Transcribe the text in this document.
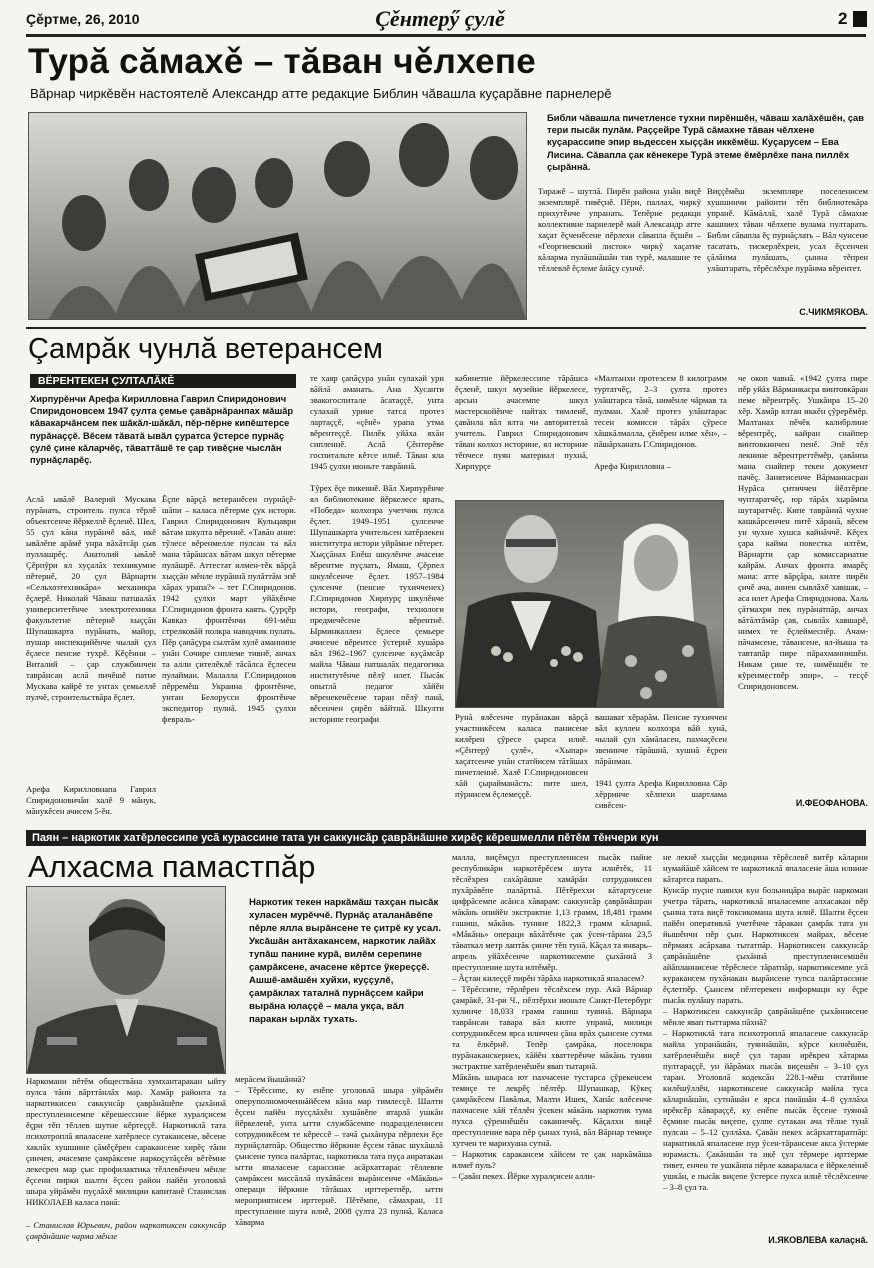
Çěртме, 26, 2010	Çěнтерӳ çулě	2
Турă сăмахě – тăван чěлхепе
Вăрнар чиркěвěн настоятелě Александр атте редакцие Библин чăвашла куçарăвне парнелерě
Библи чăвашла пичетленсе тухни пирěншěн, чăваш халăхěшěн, çав тери пысăк пулăм. Раççейре Турă сăмахне тăван чěлхене куçарассипе эпир вьдессен хыççăн иккěмěш. Куçарусем – Ева Лисина. Сăвапла çак кěнекере Турă этеме ěмěрлěхе пана пиллěх çырăннă.
Тиражě – шутлă. Пирěн района унăн виçě экземплярě тивěçнě. Пěри, паллах, чиркỹ прихутěнче упранать. Тепěрне редакци коллективне парнелерě май Александр атте хаçат ěçченěсене пěрлехи сăвапла ěçшěн – «Георгиевский листок» чиркỹ хаçатне кăларма пулăшнăшăн тав турě, малашне те тěллевлě ěçлеме ăнăçу сунчě.
Виççěмěш экземпляре поселенисем хушшинчи районти тěп библиотекăра упранě. Кăмăллă, халě Турă сăмахне кашниех тăван чěлхепе вулама пултарать. Библи сăвапла ěç пурнăçлать – Вăл чунсене тасатать, тискерлěхрен, усал ěçсенчен çăлăнма пулăшать, çынна тěпрен улăштарать, тěрěслěхре пурăнма вěрентет.
С.ЧИКМЯКОВА.
Çамрăк чунлă ветерансем
ВЁРЕНТЕКЕН ÇУЛТАЛĂКĚ
Хирпурěнчи Арефа Кирилловна Гаврил Спиридонович Спиридоновсем 1947 çулта çемье çавăрнăранпах мăшăр кăвакарчăнсем пек шăкăл-шăкăл, пěр-пěрне кипěштерсе пурăнаççě. Вěсем тăватă ывăл çуратса ỹстерсе пурнăç çулě çине кăларчěç, тăваттăшě те çар тивěçне чыслăн пурнăçларěç.
Аслă ывăлě Валерий Мускава пурăнать, строитель пулса тěрлě объектсенче йěркеллě ěçленě. Шел, 55 çул кăна пурăнчě вăл, икě ывăлěпе арăмě унра вăхăтсăр çыв пуллашрěç. Анатолий ывăлě Çěрпỹри ял хуçалăх техникумне пěтернě, 20 çул Вăрнарти «Сельхозтехникăра» механикра ěçлерě. Николай Чăваш патшалăх университетěнче электротехника факультетне пěтернě хыççăн Шупашкарта пурăнать, майор, пушар инспекцийěнче чылай çул ěçлесе пенсие тухрě. Кěçěнни – Виталий – çар службинчен таврăнсан аслă пичěшě патне Мускава кайрě те унтах çемьеллě пулчě, строительствăра ěçлет.
Арефа Кирилловнапа Гаврил Спиридоновичăн халě 9 мăнук, мăнукěсен ачисем 5-ěн.
Ěçпе вăрçă ветеранěсен пурнăçě-шăпи – каласа пěтерме çук истори. Гаврил Спиридонович Кульцаври вăтам шкулта вěреннě. «Тавăн анне: тỹлесе вěренмелле пулсан та вăл мана тăрăшсах вăтам шкул пěтерме пулăшрě. Аттестат илмен-тěк вăрçă хыççăн мěнле пурăннă пулăттăм эпě хăрах урапа?» – тет Г.Спиридонов. 1942 çулхи март уйăхěнче Г.Спиридонов фронта каять. Çурçěр Кавказ фронтěнчи 691-мěш стрелковăй полкра наводчик пулать. Пěр çапăçура сылтăм хулě аманнипе унăн Сочире сиплеме тивнě, анчах та алли çителěклě тăсăлса ěçлесен пулайман. Малалла Г.Спиридонов пěрремěш Украина фронтěнче, унтан Белорусси фронтěнче экспедитор пулнă. 1945 çулхи февраль-
те хаяр çапăçура унăн сулахай ури вăйлă аманать. Ана Хусанти эвакогоспитале ăсатаççě, унта сулахай урине татса протез лартаççě, «çěнě» урапа утма вěрентеççě. Пилěк уйăха яхăн сипленнě. Аслă Çěнтерěве госпитальте кěтсе илнě. Тăван яла 1945 çулхи июньте таврăннă.

Тỹрех ěçе пикеннě. Вăл Хирпурěнче ял библиотекине йěркелесе ярать, «Победа» колхозра учетчик пулса ěçлет. 1949–1951 çулсенче Шупашкарта учительсен хатěрлекен институтра истори уйрăмне пěтерет. Хыççăнах Енěш шкулěнче ачасене вěрентме пуçлать, Ямаш, Çěрпел шкулěсенче ěçлет. 1957–1984 çулсенче (пенсие тухичченех) Г.Спиридонов Хирпурç шкулěнче истори, географи, технологи предмечěсене вěрентнě. Ырминкаллен ěçлесе çемьере ачисене вěрентсе ỹстернě хушăра вăл 1962–1967 çулсенче куçăмсăр майла Чăваш патшалăх педагогика институтěнче пěлỹ илет. Пысăк опытлă педагог хăйěн вěренекенěсене таран пěлỹ панă, вěсенчен çирěп вăйтнă. Шкулти историпе географи
кабинетне йěркелессипе тăрăшса ěçленě, шкул музейне йěркелесе, арсын ачасемпе шкул мастерскойěнче пайтах тимленě, çавăнла вăл ялта чи авторитетлă учитель. Гаврил Спиридонович тăван колхоз историне, ял историне тěпчесе пуян материал пухнă, Хирпурçе
«Малтанхи протезсем 8 килограмм туртатчěç, 2–3 çулта протез улăштарса тăнă, нимěнле чăрмав та пулман. Халě протез улăштарас тесен комисси тăрăх çỹресе хăшкăлмалла, çěнěрен илме хěн», – пăшăрханать Г.Спиридонов.

Арефа Кирилловна –
че окоп чавнă. «1942 çулта пире пěр уйăх Вăрманкасра винтовкăран пеме вěрентрěç. Ушкăнра 15–20 хěр. Хамăр ялтан иккěн çỹрерěмěр. Малтанах пěчěк калибрлине вěрентрěç, кайран снайпер винтовкинчен пенě. Эпě тěл лекнине вěрентреттěмěр, çавăнпа мана снайпер текен документ пачěç. Занятисенче Вăрманкасран Нурăса çитиччен йěлтěрпе чуптаратчěç, юр тăрăх хырăмпа шутаратчěç. Кипе таврăннă чухне кашкăрсенчен питě хăранă, вěсем ун чухне хушса кайнăччě. Кěçех çара кайма повестка илтěм, Вăрнарти çар комиссариатне кайрăм. Анчах фронта ямарěç мана: атте вăрçăра, килте пирěн çичě ача, аннен сывлăхě хавшак, – аса илет Арефа Спиридонова. Халь çăтмахри пек пурăнатпăр, анчах вăтăлтăмăр çав, сывлăх хавшарě, нимех те ěçлеймеспěр. Ачам-пăчамсене, тăвансене, ял-йыша та тавтапăр пире пăрахманнишěн. Никам çине те, нимěншěн те кỹренместпěр эпир», – тесçě Спиридоновсем.
Рунă ялěсенче пурăнакан вăрçă участникěсем каласа панисене килěрен çỹресе çырса илнě. «Çěнтерỹ çулě», «Хыпар» хаçатсенче унăн статйисем тăтăшах пичетленнě. Халě Г.Спиридоновсен хăй çырайманăсть: пите шел, пỹрнисем ěçлемеççě.
вашават хěрарăм. Пенсие тухиччен вăл куллен колхозра вăй хунă, чылай çул хăмăласен, пахчаçěсен звенинче тăрăшнă, хушнă ěçрен пăрăнман.

1941 çулта Арефа Кирилловна Сăр хěрринче хěлпехи шартлама сивěсен-	И.ФЕОФАНОВА.
Паян – наркотик хатěрлессипе усă курассине тата ун саккунсăр çаврăнăшне хирěç кěрешмелли пěтěм тěнчери кун
Алхасма памастпăр
Наркотик текен наркăмăш тахçан пысăк хуласен мурěччě. Пурнăç аталанăвěпе пěрле ялла вырăнсене те çитрě ку усал. Уксăшăн антăхакансем, наркотик лайăх тупăш панине курă, вилěм серепине çамрăксене, ачасене кěртсе ỹкереççě. Ашшě-амăшěн хуйхи, куççулě, çамрăклах таталнă пурнăçсем кайри вырăна юлаççě – мала укçа, вăл паракан ырлăх тухать.
Наркомани пěтěм обществăна хумхантаракан ыйту пулса тăни вăрттăнлăх мар. Хамăр районта та наркотикисен саккунсăр çаврăнăшěпе çыхăннă преступленисемпе кěрешессине йěрке хуралçисем ěçри тěп тěллев шутне кěртеççě. Наркотиклă тата психотроплă япаласене хатěрлесе сутакансене, вěсене хаклăх хушшине çăмěçěрен саракансене хирěç тăни çинчен, ачасемпе çамрăксене наркоçутăçсěн вěтěмне лекесрен мар çыс профилактика тěллевěнчен мěнле ěçсени пирки шалти ěçсен район пайěн уголовлă шыра уйрăмěн пуçлăхě милиции капитанě Станислав НИКОЛАЕВ каласа панă:
– Станислав Юрьевич, район наркотиксен саккунсăр çаврăнăшне чарма мěнле
мерăсем йышăннă?
– Тěрěссипе, ку енěпе уголовлă шыра уйрăмěн оперуполномоченнăйěсем кăна мар тимлесçě. Шалти ěçсен пайěн пусçлăхěн хушăвěпе ятарлă ушкăн йěркеленě, унта ытти службăсемпе подразделенисен сотрудникěсем те кěрессě – тачă çыхăнура пěрлехи ěçе пурнăçлатпăр. Общество йěркине ěçсем тăвас шухăшлă çынсене тупса палăртас, наркотикла тата пуçа анратакан ытти япаласене сарассине асăрхаттарас тěллевпе çамрăксен массăллă пухăвăсен вырăнсенче «Мăкăнь» операци йěркине тăтăшах ирттеретпěр, ытти мероприятисем ирттернě. Пěтěмпе, сăмахран, 11 преступление шута илнě, 2008 çулта 23 пулнă. Каласа хăварма
малла, виçěмçул преступленисен пысăк пайне республикăри наркотěрěсем шута илнěтěк, 11 тěслěхрен сахăрăшне хамăрăн сотрудниксен пухăрăвěпе палăртнă. Пěтěреххи кăтартусене цифрăсемпе асăнса хăварам: саккунсăр çаврăнăшран мăкăнь опийěн экстрактне 1,13 грамм, 18,481 грамм гашиш, мăкăнь тунине 1822,3 грамм кăларнă. «Мăкăнь» операци вăхăтěнче çак ỹсен-тăрана 23,5 тăваткал метр лаптăк çинче тěп тунă. Кăçал та январь–апрель уйăхěсенче наркотиксемпе çыхăннă 3 преступление шута илтěмěр.
– Ăçтан килеççě пирěн тăрăха наркотиклă япаласем?
– Тěрěссипе, тěрлěрен тěслěхсем пур. Акă Вăрнар çамрăкě, 31-ри Ч., пěлтěрхи июньте Санкт-Петербург хулинче 18,033 грамм гашиш туяннă. Вăрнара таврăнсан тавара вăл килте упранă, милици сотрудникěсем ярса иличчен çăна ярăх çынсене сутма та ěлкěрнě. Тепěр çамрăка, поселокра пурăнаканскернех, хăйěн хваттерěнче мăкăнь тунин экстрактне хатěрленěшěн явап тытарнă.
Мăкăнь шыраса ют пахчасене тустарса çỹрекенсем темиçе те лекрěç пěлтěр. Шупашкар, Кỹкеç çамрăкěсем Павăлья, Малти Ишек, Хапăс ялěсенче пахчасене хăй тěллěн ỹсекен мăкăнь наркотик тума пухса çỹреннěшěн саканнечěç. Кăçалхи вицě преступление вара пěр çынах тунă, вăл Вăрнар темиçе хутчен те марихуана сутнă.
– Наркотик саракансем хăйсем те çак наркăмăша илмеř пуль?
– Çавăн пекех. Йěрке хуралçисен алли-
не лекнě хыççăн медицина тěрěслевě витěр кăларни нумайăшě хăйсем те наркотиклă япаласене ăша илнине кăтартса парать.
Кунсăр пуçне паянхи кун больницăра вырăс наркоман учетра тăрать, наркотиклă япаласемпе алхасакан пěр çынна тата виçě токсикомана шута илнě. Шалти ěçсен пайěн оперативлă учетěнче тăракан çамрăк тата ун йышěнчи пěр çын. Наркотиксен майрах, вěсене пěрмаях асăрхава тытатпăр. Наркотиксен саккунсăр çаврăнăшěпе çыхăннă преступленисемшěн айăпланнисене тěрěслесе тăратпăр, наркотиксемпе усă куракансем пухăнакан вырăнсене тупса палăртассине ěçлетпěр. Çынсем пěлтерекен информаци ку ěçре пысăк пулăшу парать.
– Наркотиксен саккунсăр çаврăнăшěпе çыхăннисене мěнле явап тыттарма пăхнă?
– Наркотиклă тата психотроплă япаласене саккунсăр майла упранăшăн, туяннăшăн, кỹрсе килнěшěн, хатěрленěшěн виçě çул таран ирěкрен хăтарма пултараççě, ун йăрăмах пысăк виçешěн – 3–10 çул таран. Уголовлă кодексăн 228.1-мěш статйипе килěшỹллěн, наркотиксене саккунсăр майла туса кăларнăшăн, сутнăшăн е ярса панăшăн 4–8 çуллăха ирěксěр хăвараççě, ку енěпе пысăк ěçсене туяннă ěçмине пысăк виçепе, çулпе сутакан ача тěлне тунă пулсан – 5–12 çуллăха. Çавăн пекех асăрхаттаратпăр: наркотиклă япаласене пур ỹсен-тăрансене акса ỹстерме юрамасть. Çакăншăн та икě çул тěрмере ирттерме тивет, енчен те ушкăнпа пěрле кавараласа е йěркеленнě ушкăн, е пысăк виçепе ỹстерсе пухса илнě тěслěхсенче – 3–8 çул та.
И.ЯКОВЛЕВА калаçнă.
